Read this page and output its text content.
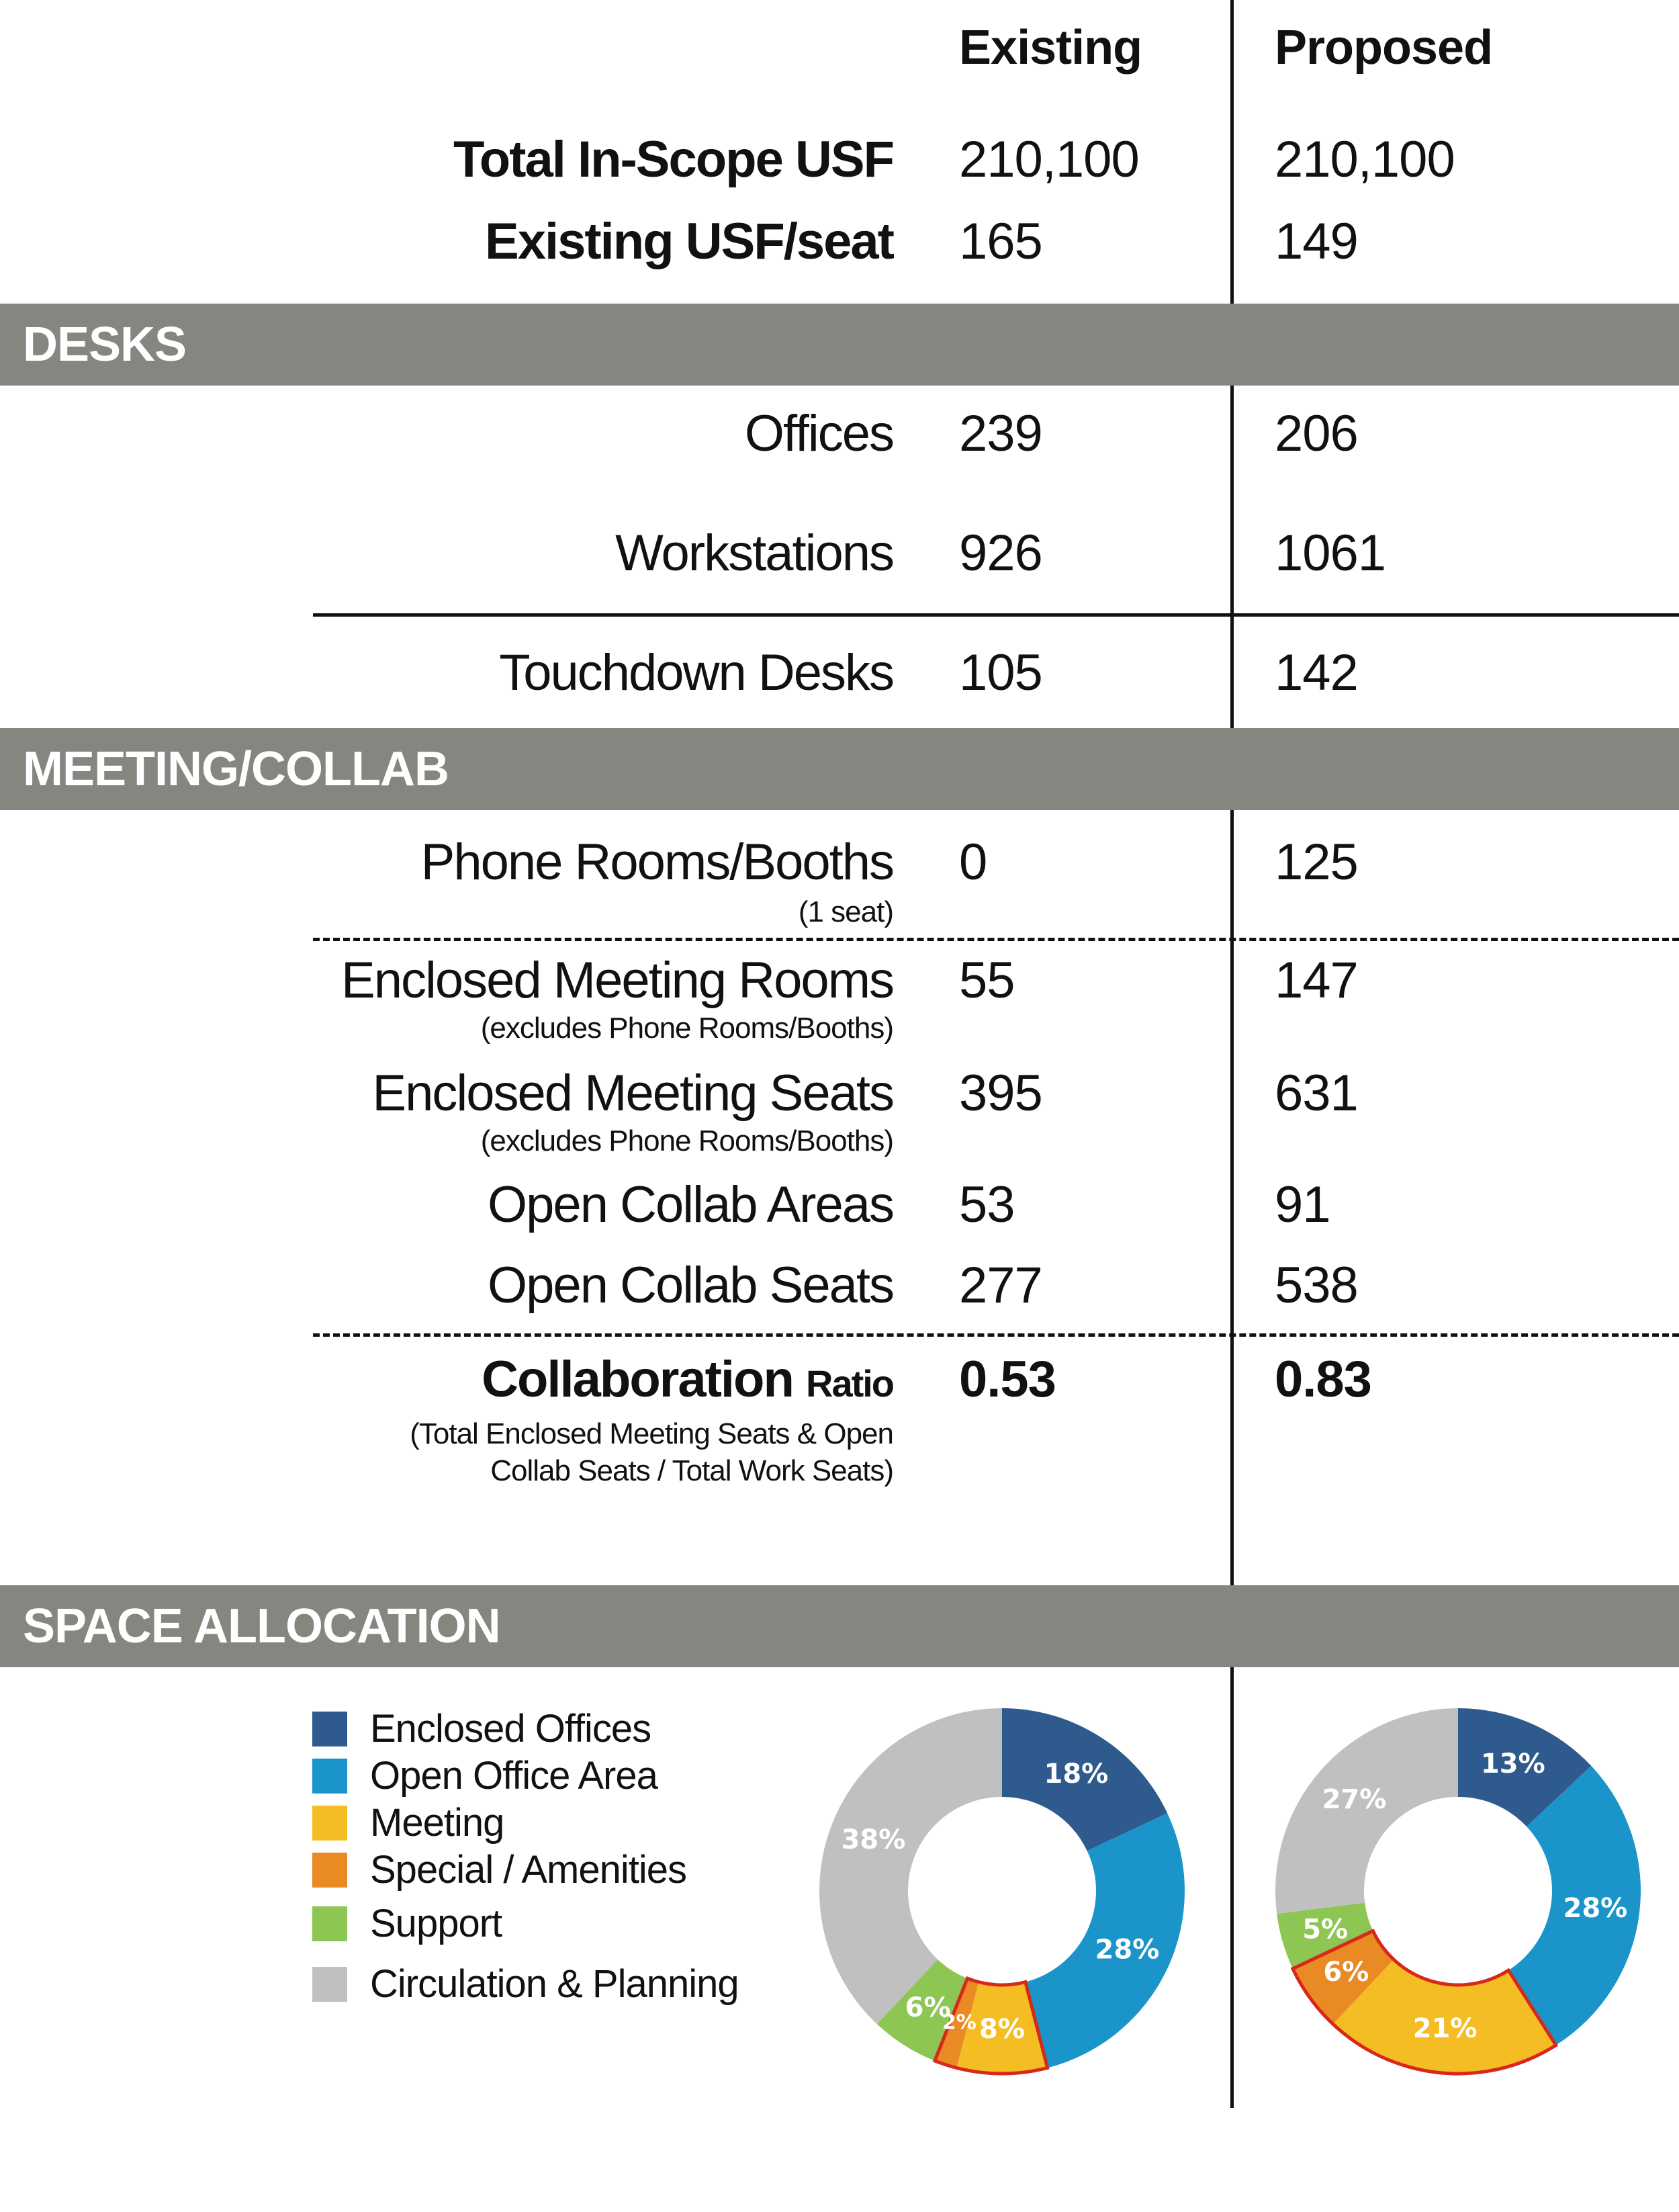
Existing	Proposed
Total In-Scope USF 210,100	210,100
Existing USF/seat 165	149
DESKS
Offices 239	206
Workstations 926	1061
Touchdown Desks 105	142
MEETING/COLLAB
Phone Rooms/Booths
(1 seat)
0	125
Enclosed Meeting Rooms
(excludes Phone Rooms/Booths)
55	147
Enclosed Meeting Seats
(excludes Phone Rooms/Booths)
395	631
Open Collab Areas 53	91
Open Collab Seats 277	538
Collaboration Ratio
(Total Enclosed Meeting Seats & Open
Collab Seats / Total Work Seats)
0.53	0.83
SPACE ALLOCATION
Enclosed Offices
Open Office Area
Meeting
Special / Amenities
Support
Circulation & Planning
18%
28%
8%
2%
6%
38%
13%
28%
21%
6%
5%
27%
